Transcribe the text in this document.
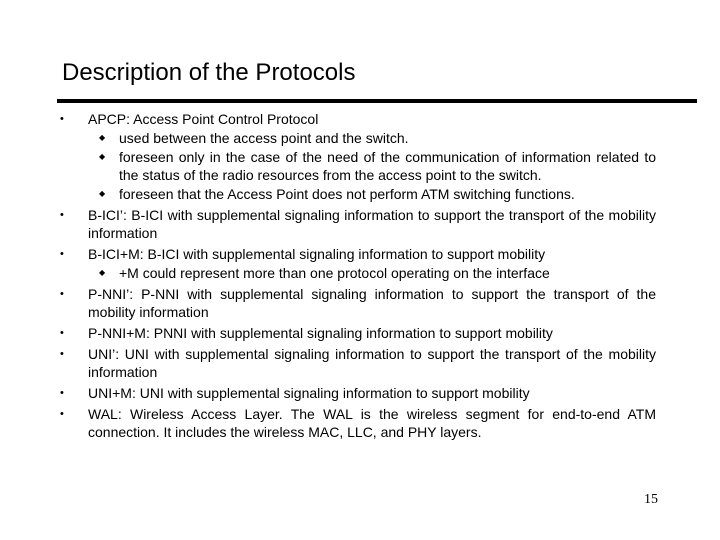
Description of the Protocols
•	APCP: Access Point Control Protocol
◆ used between the access point and the switch.
◆ foreseen only in the case of the need of the communication of information related to the status of the radio resources from the access point to the switch.
◆ foreseen that the Access Point does not perform ATM switching functions.
•	B-ICI’: B-ICI with supplemental signaling information to support the transport of the mobility information
•	B-ICI+M: B-ICI with supplemental signaling information to support mobility
◆ +M could represent more than one protocol operating on the interface
•	P-NNI’: P-NNI with supplemental signaling information to support the transport of the mobility information
•	P-NNI+M: PNNI with supplemental signaling information to support mobility
•	UNI’: UNI with supplemental signaling information to support the transport of the mobility information
•	UNI+M: UNI with supplemental signaling information to support mobility
•	WAL: Wireless Access Layer. The WAL is the wireless segment for end-to-end ATM connection. It includes the wireless MAC, LLC, and PHY layers.
15
